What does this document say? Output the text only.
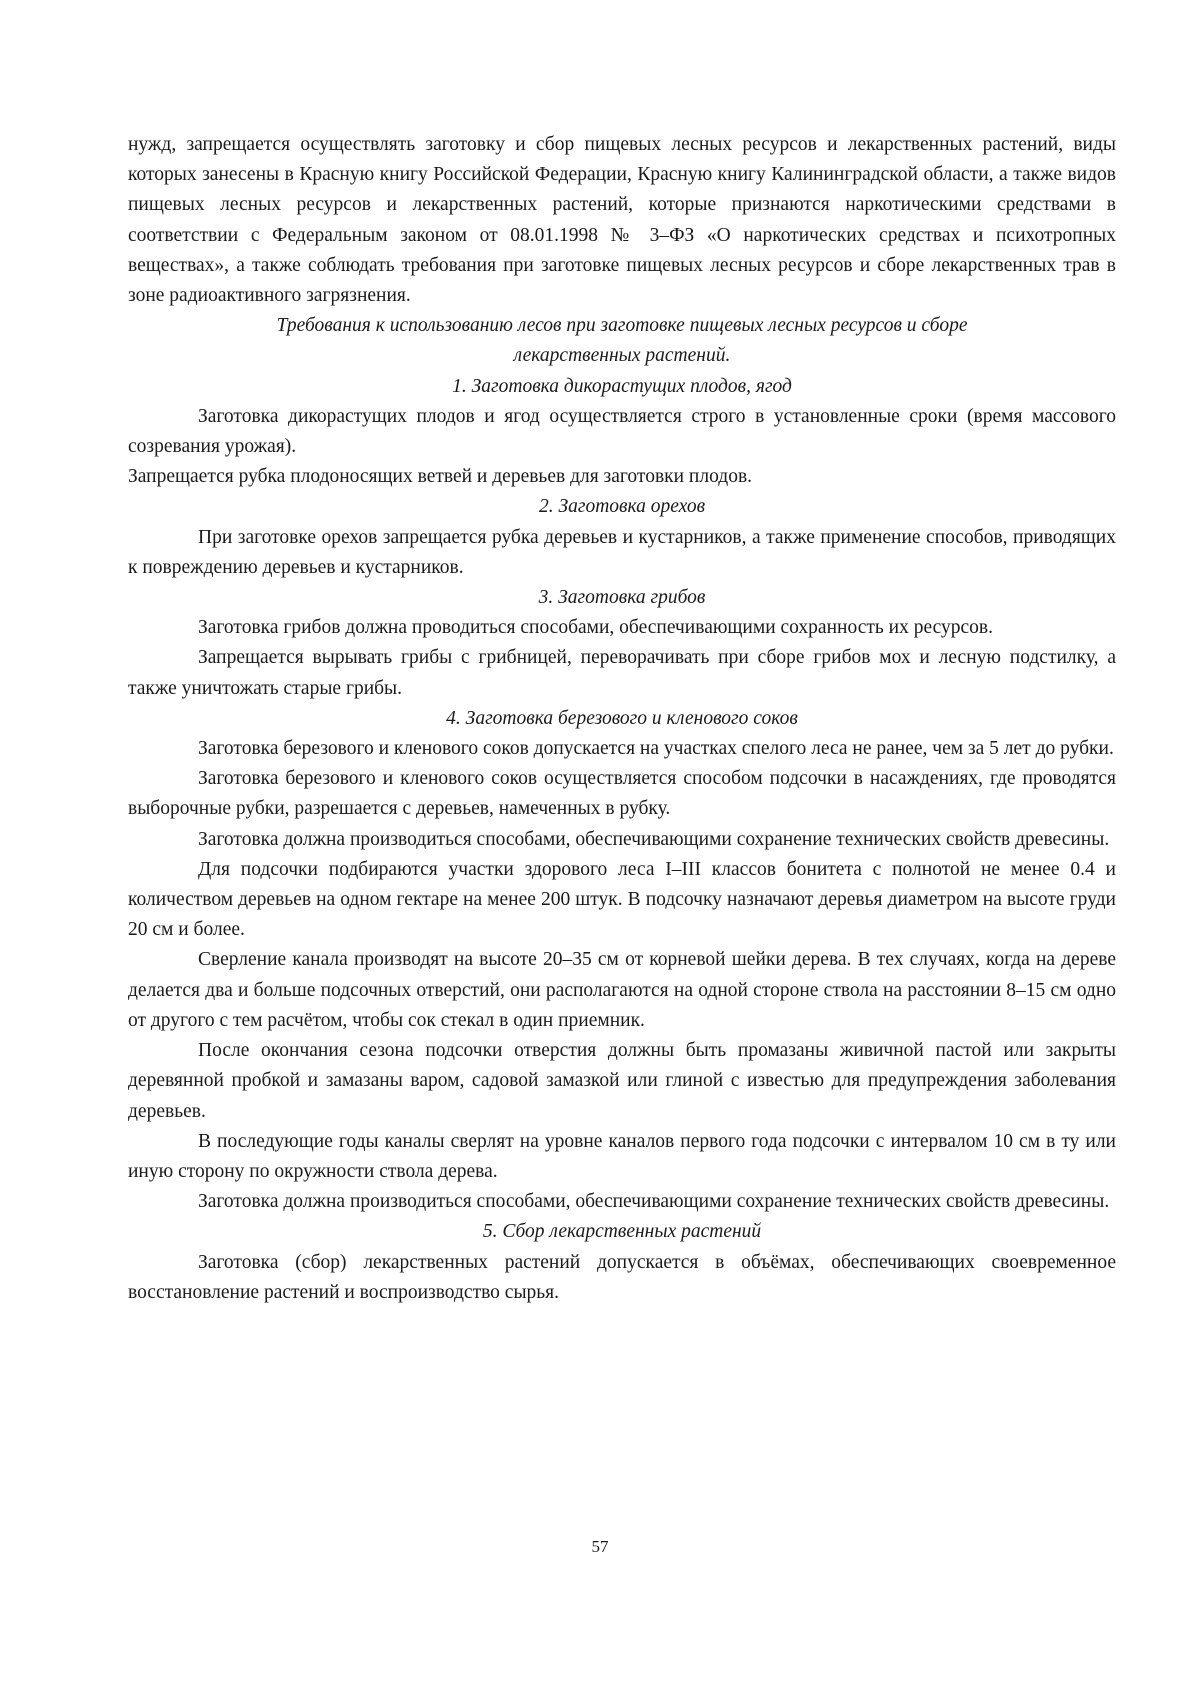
нужд, запрещается осуществлять заготовку и сбор пищевых лесных ресурсов и лекарственных растений, виды которых занесены в Красную книгу Российской Федерации, Красную книгу Калининградской области, а также видов пищевых лесных ресурсов и лекарственных растений, которые признаются наркотическими средствами в соответствии с Федеральным законом от 08.01.1998 № 3–ФЗ «О наркотических средствах и психотропных веществах», а также соблюдать требования при заготовке пищевых лесных ресурсов и сборе лекарственных трав в зоне радиоактивного загрязнения.

Требования к использованию лесов при заготовке пищевых лесных ресурсов и сборе

лекарственных растений.

1. Заготовка дикорастущих плодов, ягод

Заготовка дикорастущих плодов и ягод осуществляется строго в установленные сроки (время массового созревания урожая).

Запрещается рубка плодоносящих ветвей и деревьев для заготовки плодов.

2. Заготовка орехов

При заготовке орехов запрещается рубка деревьев и кустарников, а также применение способов, приводящих к повреждению деревьев и кустарников.

3. Заготовка грибов

Заготовка грибов должна проводиться способами, обеспечивающими сохранность их ресурсов.

Запрещается вырывать грибы с грибницей, переворачивать при сборе грибов мох и лесную подстилку, а также уничтожать старые грибы.

4. Заготовка березового и кленового соков

Заготовка березового и кленового соков допускается на участках спелого леса не ранее, чем за 5 лет до рубки.

Заготовка березового и кленового соков осуществляется способом подсочки в насаждениях, где проводятся выборочные рубки, разрешается с деревьев, намеченных в рубку.

Заготовка должна производиться способами, обеспечивающими сохранение технических свойств древесины.

Для подсочки подбираются участки здорового леса I–III классов бонитета с полнотой не менее 0.4 и количеством деревьев на одном гектаре на менее 200 штук. В подсочку назначают деревья диаметром на высоте груди 20 см и более.

Сверление канала производят на высоте 20–35 см от корневой шейки дерева. В тех случаях, когда на дереве делается два и больше подсочных отверстий, они располагаются на одной стороне ствола на расстоянии 8–15 см одно от другого с тем расчётом, чтобы сок стекал в один приемник.

После окончания сезона подсочки отверстия должны быть промазаны живичной пастой или закрыты деревянной пробкой и замазаны варом, садовой замазкой или глиной с известью для предупреждения заболевания деревьев.

В последующие годы каналы сверлят на уровне каналов первого года подсочки с интервалом 10 см в ту или иную сторону по окружности ствола дерева.

Заготовка должна производиться способами, обеспечивающими сохранение технических свойств древесины.

5. Сбор лекарственных растений

Заготовка (сбор) лекарственных растений допускается в объёмах, обеспечивающих своевременное восстановление растений и воспроизводство сырья.

57
